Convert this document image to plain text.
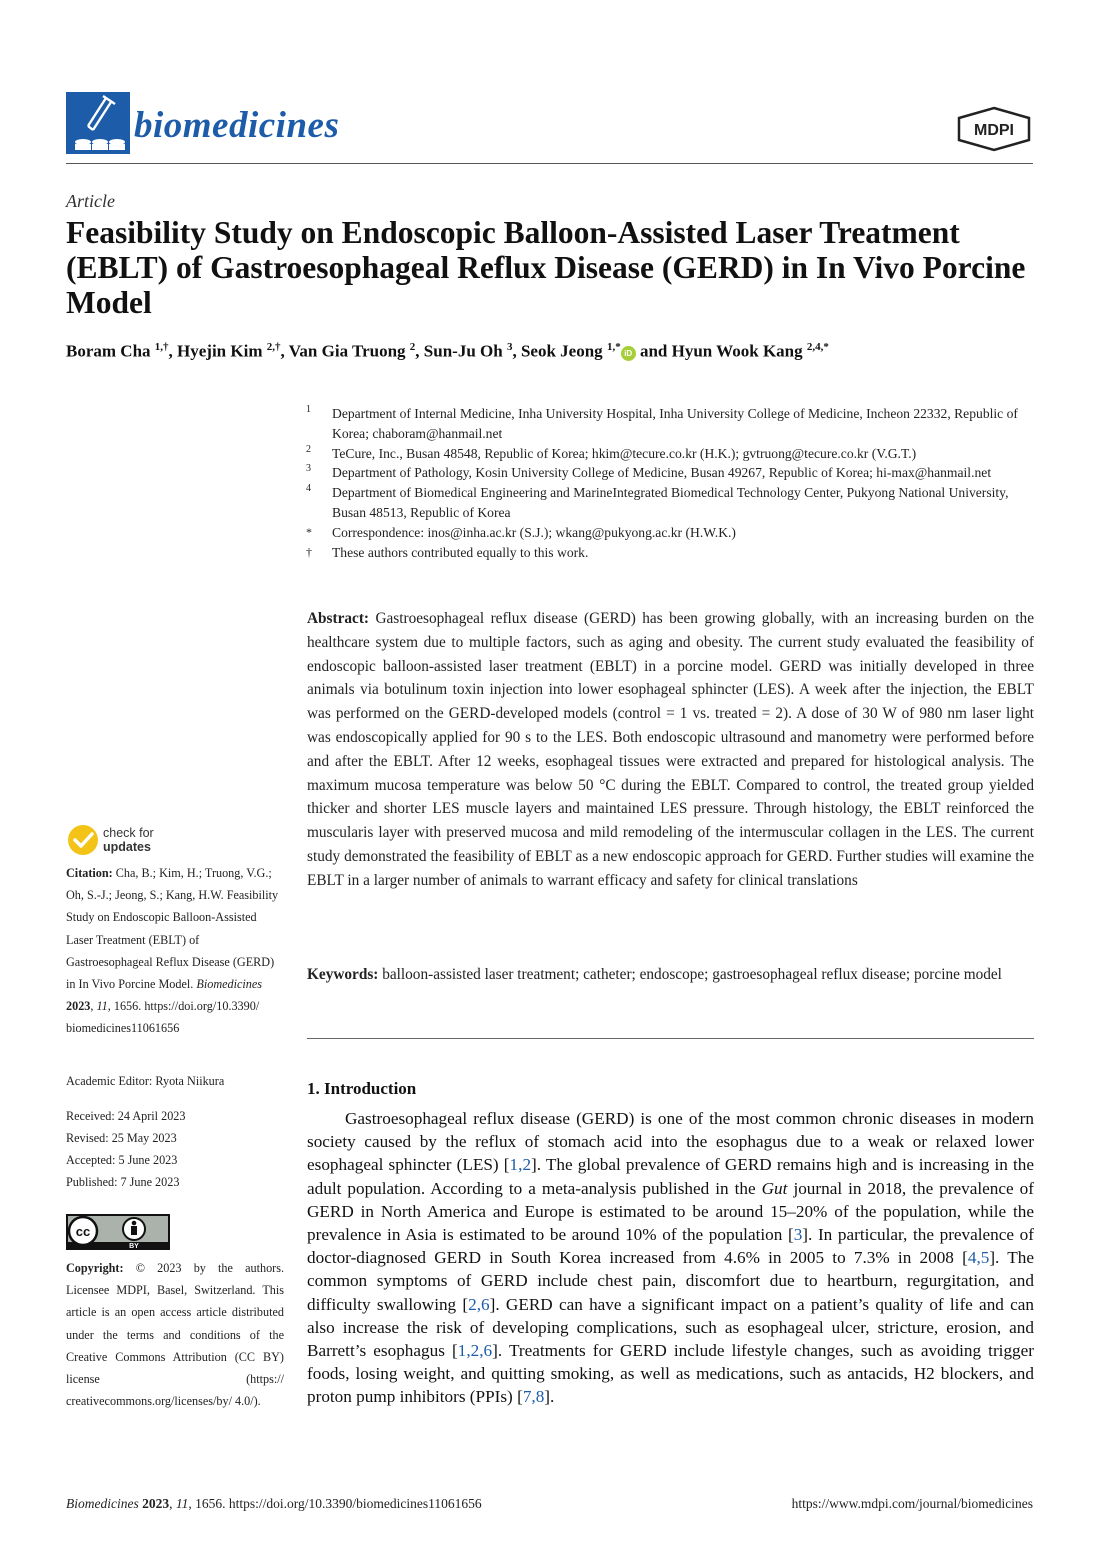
biomedicines	MDPI
Article
Feasibility Study on Endoscopic Balloon-Assisted Laser Treatment (EBLT) of Gastroesophageal Reflux Disease (GERD) in In Vivo Porcine Model
Boram Cha $^{1,\dagger}$, Hyejin Kim $^{2,\dagger}$, Van Gia Truong $^2$, Sun-Ju Oh $^3$, Seok Jeong $^{1,*}$iD and Hyun Wook Kang $^{2,4,*}$
1 Department of Internal Medicine, Inha University Hospital, Inha University College of Medicine, Incheon 22332, Republic of Korea; chaboram@hanmail.net
2 TeCure, Inc., Busan 48548, Republic of Korea; hkim@tecure.co.kr (H.K.); gvtruong@tecure.co.kr (V.G.T.)
3 Department of Pathology, Kosin University College of Medicine, Busan 49267, Republic of Korea; hi-max@hanmail.net
4 Department of Biomedical Engineering and MarineIntegrated Biomedical Technology Center, Pukyong National University, Busan 48513, Republic of Korea
* Correspondence: inos@inha.ac.kr (S.J.); wkang@pukyong.ac.kr (H.W.K.)
† These authors contributed equally to this work.
Abstract: Gastroesophageal reflux disease (GERD) has been growing globally, with an increasing burden on the healthcare system due to multiple factors, such as aging and obesity. The current study evaluated the feasibility of endoscopic balloon-assisted laser treatment (EBLT) in a porcine model. GERD was initially developed in three animals via botulinum toxin injection into lower esophageal sphincter (LES). A week after the injection, the EBLT was performed on the GERD-developed models (control = 1 vs. treated = 2). A dose of 30 W of 980 nm laser light was endoscopically applied for 90 s to the LES. Both endoscopic ultrasound and manometry were performed before and after the EBLT. After 12 weeks, esophageal tissues were extracted and prepared for histological analysis. The maximum mucosa temperature was below 50 °C during the EBLT. Compared to control, the treated group yielded thicker and shorter LES muscle layers and maintained LES pressure. Through histology, the EBLT reinforced the muscularis layer with preserved mucosa and mild remodeling of the intermuscular collagen in the LES. The current study demonstrated the feasibility of EBLT as a new endoscopic approach for GERD. Further studies will examine the EBLT in a larger number of animals to warrant efficacy and safety for clinical translations
Keywords: balloon-assisted laser treatment; catheter; endoscope; gastroesophageal reflux disease; porcine model
1. Introduction
Gastroesophageal reflux disease (GERD) is one of the most common chronic diseases in modern society caused by the reflux of stomach acid into the esophagus due to a weak or relaxed lower esophageal sphincter (LES) [1,2]. The global prevalence of GERD remains high and is increasing in the adult population. According to a meta-analysis published in the Gut journal in 2018, the prevalence of GERD in North America and Europe is estimated to be around 15–20% of the population, while the prevalence in Asia is estimated to be around 10% of the population [3]. In particular, the prevalence of doctor-diagnosed GERD in South Korea increased from 4.6% in 2005 to 7.3% in 2008 [4,5]. The common symptoms of GERD include chest pain, discomfort due to heartburn, regurgitation, and difficulty swallowing [2,6]. GERD can have a significant impact on a patient’s quality of life and can also increase the risk of developing complications, such as esophageal ulcer, stricture, erosion, and Barrett’s esophagus [1,2,6]. Treatments for GERD include lifestyle changes, such as avoiding trigger foods, losing weight, and quitting smoking, as well as medications, such as antacids, H2 blockers, and proton pump inhibitors (PPIs) [7,8].
check for
updates
Citation: Cha, B.; Kim, H.; Truong, V.G.; Oh, S.-J.; Jeong, S.; Kang, H.W. Feasibility Study on Endoscopic Balloon-Assisted Laser Treatment (EBLT) of Gastroesophageal Reflux Disease (GERD) in In Vivo Porcine Model. Biomedicines 2023, 11, 1656. https://doi.org/10.3390/ biomedicines11061656
Academic Editor: Ryota Niikura
Received: 24 April 2023
Revised: 25 May 2023
Accepted: 5 June 2023
Published: 7 June 2023
cc
BY
Copyright: © 2023 by the authors. Licensee MDPI, Basel, Switzerland. This article is an open access article distributed under the terms and conditions of the Creative Commons Attribution (CC BY) license (https:// creativecommons.org/licenses/by/ 4.0/).
Biomedicines 2023, 11, 1656. https://doi.org/10.3390/biomedicines11061656	https://www.mdpi.com/journal/biomedicines
